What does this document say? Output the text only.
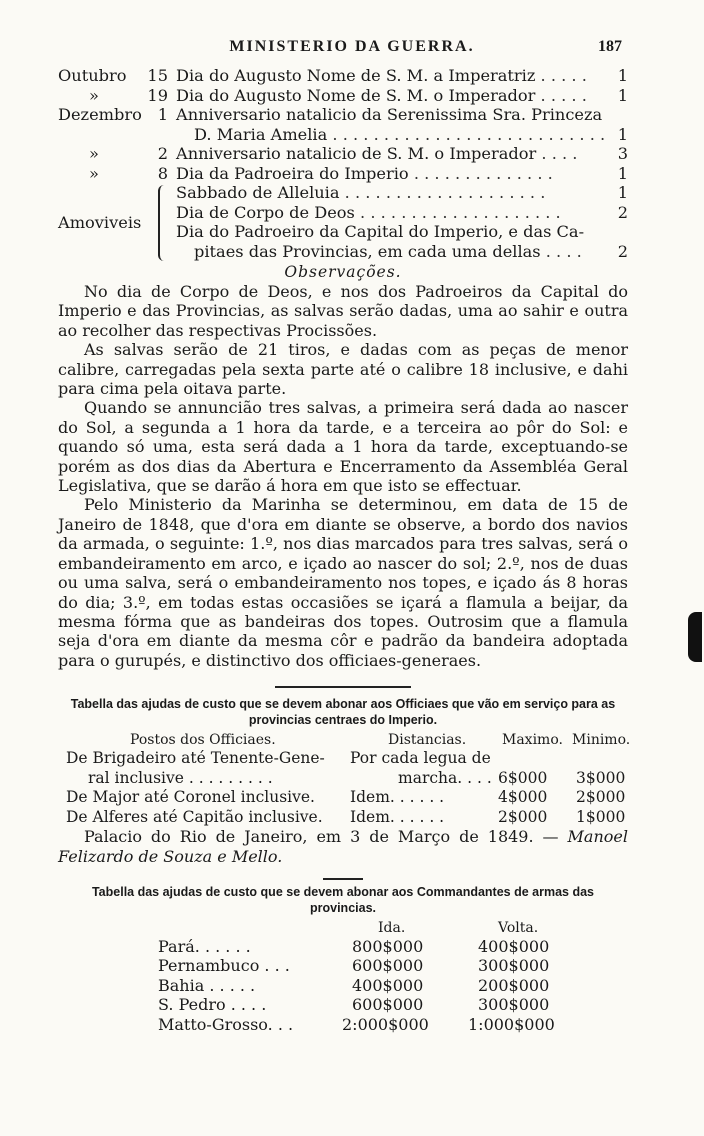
MINISTERIO DA GUERRA.	187
Outubro	15 Dia do Augusto Nome de S. M. a Imperatriz . . . . .	1
»	19 Dia do Augusto Nome de S. M. o Imperador . . . . .	1
Dezembro 1 Anniversario natalicio da Serenissima Sra. Princeza
D. Maria Amelia . . . . . . . . . . . . . . . . . . . . . . . . . . . 1
»	2 Anniversario natalicio de S. M. o Imperador . . . .	3
»	8 Dia da Padroeira do Imperio . . . . . . . . . . . . . .	1
Amoviveis
Sabbado de Alleluia . . . . . . . . . . . . . . . . . . . .	1
Dia de Corpo de Deos . . . . . . . . . . . . . . . . . . . .	2
Dia do Padroeiro da Capital do Imperio, e das Ca-
pitaes das Provincias, em cada uma dellas . . . .	2
Observações.

No dia de Corpo de Deos, e nos dos Padroeiros da Capital do Imperio e das Provincias, as salvas serão dadas, uma ao sahir e outra ao recolher das respectivas Procissões.

As salvas serão de 21 tiros, e dadas com as peças de menor calibre, carregadas pela sexta parte até o calibre 18 inclusive, e dahi para cima pela oitava parte.

Quando se annuncião tres salvas, a primeira será dada ao nascer do Sol, a segunda a 1 hora da tarde, e a terceira ao pôr do Sol: e quando só uma, esta será dada a 1 hora da tarde, exceptuando-se porém as dos dias da Abertura e Encerramento da Assembléa Geral Legislativa, que se darão á hora em que isto se effectuar.

Pelo Ministerio da Marinha se determinou, em data de 15 de Janeiro de 1848, que d'ora em diante se observe, a bordo dos navios da armada, o seguinte: 1.º, nos dias marcados para tres salvas, será o embandeiramento em arco, e içado ao nascer do sol; 2.º, nos de duas ou uma salva, será o embandeiramento nos topes, e içado ás 8 horas do dia; 3.º, em todas estas occasiões se içará a flamula a beijar, da mesma fórma que as bandeiras dos topes. Outrosim que a flamula seja d'ora em diante da mesma côr e padrão da bandeira adoptada para o gurupés, e distinctivo dos officiaes-generaes.

Tabella das ajudas de custo que se devem abonar aos Officiaes que vão em serviço para as provincias centraes do Imperio.

Postos dos Officiaes.	Distancias.	Maximo. Minimo.
De Brigadeiro até Tenente-Gene- Por cada legua de
ral inclusive . . . . . . . . .	marcha. . . . 6$000 3$000
De Major até Coronel inclusive. Idem. . . . . .	4$000 2$000
De Alferes até Capitão inclusive. Idem. . . . . .	2$000 1$000

Palacio do Rio de Janeiro, em 3 de Março de 1849. — Manoel Felizardo de Souza e Mello.

Tabella das ajudas de custo que se devem abonar aos Commandantes de armas das provincias.

Ida.	Volta.
Pará. . . . . .	800$000	400$000
Pernambuco . . .	600$000	300$000
Bahia . . . . .	400$000	200$000
S. Pedro . . . .	600$000	300$000
Matto-Grosso. . .	2:000$000 1:000$000
